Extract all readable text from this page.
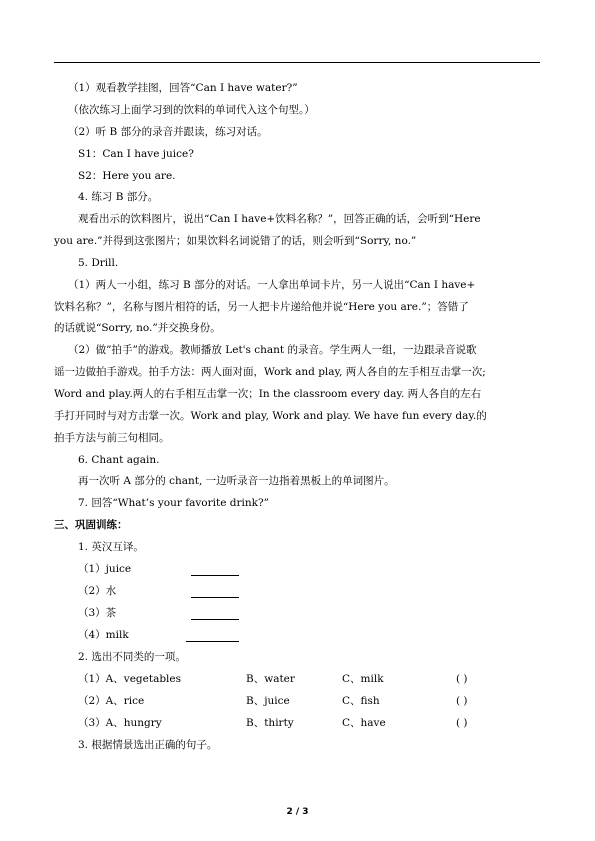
（1）观看教学挂图，回答“Can I have water?”
（依次练习上面学习到的饮料的单词代入这个句型。）
（2）听 B 部分的录音并跟读，练习对话。
S1：Can I have juice?
S2：Here you are.
4. 练习 B 部分。
观看出示的饮料图片，说出“Can I have+饮料名称？”，回答正确的话，会听到“Here
you are.”并得到这张图片；如果饮料名词说错了的话，则会听到“Sorry, no.”
5. Drill.
（1）两人一小组，练习 B 部分的对话。一人拿出单词卡片，另一人说出“Can I have+
饮料名称？”，名称与图片相符的话，另一人把卡片递给他并说“Here you are.”；答错了
的话就说“Sorry, no.”并交换身份。
（2）做”拍手”的游戏。教师播放 Let's chant 的录音。学生两人一组，一边跟录音说歌
谣一边做拍手游戏。拍手方法：两人面对面，Work and play, 两人各自的左手相互击掌一次;
Word and play.两人的右手相互击掌一次；In the classroom every day. 两人各自的左右
手打开同时与对方击掌一次。Work and play, Work and play. We have fun every day.的
拍手方法与前三句相同。
6. Chant again.
再一次听 A 部分的 chant, 一边听录音一边指着黑板上的单词图片。
7. 回答“What’s your favorite drink?”
三、巩固训练：
1. 英汉互译。
（1）juice
（2）水
（3）茶
（4）milk
2. 选出不同类的一项。
（1）A、vegetables	B、water	C、milk	( )
（2）A、rice	B、juice	C、fish	( )
（3）A、hungry	B、thirty	C、have	( )
3. 根据情景选出正确的句子。
2 / 3
